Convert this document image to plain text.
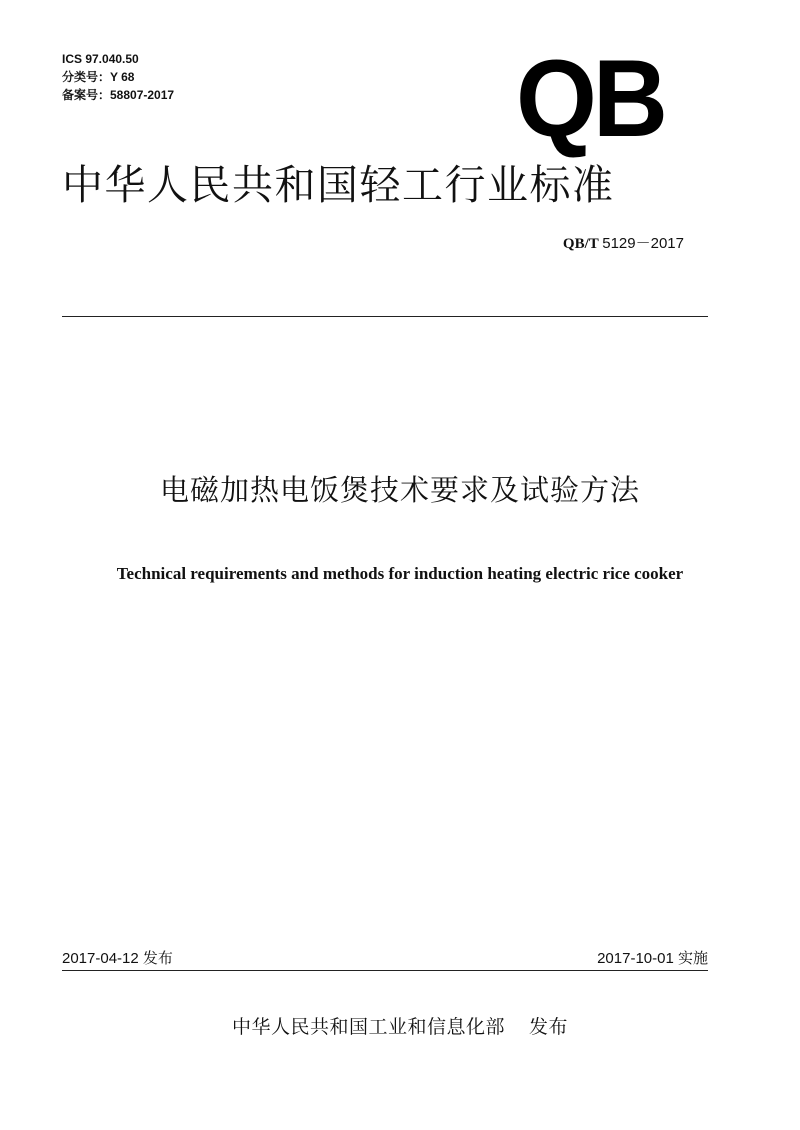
ICS 97.040.50
分类号：Y 68
备案号：58807-2017	QB
中华人民共和国轻工行业标准
QB/T 5129－2017
电磁加热电饭煲技术要求及试验方法
Technical requirements and methods for induction heating electric rice cooker
2017-04-12 发布	2017-10-01 实施
中华人民共和国工业和信息化部 发布
